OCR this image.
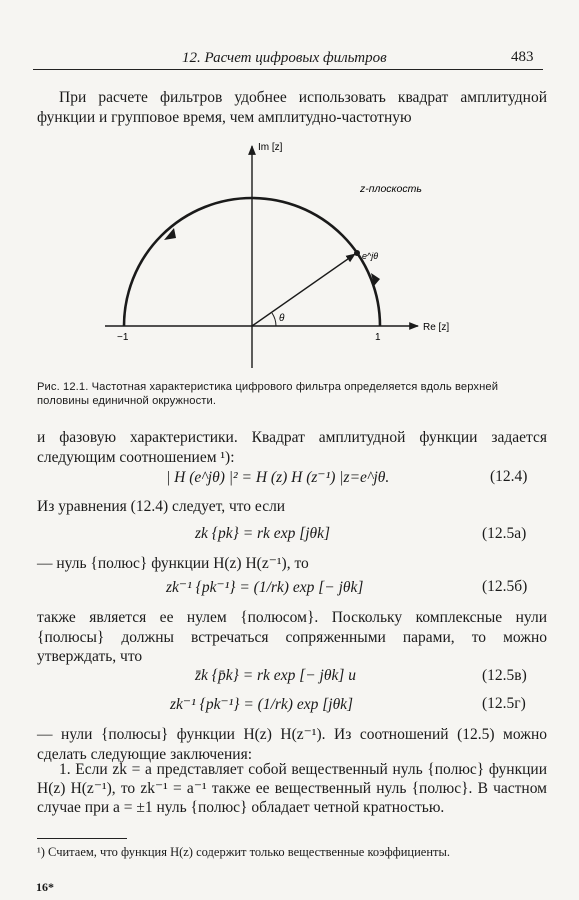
12. Расчет цифровых фильтров	483
При расчете фильтров удобнее использовать квадрат амплитудной функции и групповое время, чем амплитудно-частотную
Im [z]
Re [z]
z-плоскость
e^jθ
θ
−1	1
Рис. 12.1. Частотная характеристика цифрового фильтра определяется вдоль верхней половины единичной окружности.
и фазовую характеристики. Квадрат амплитудной функции задается следующим соотношением ¹):
| H (e^jθ) |² = H (z) H (z⁻¹) |z=e^jθ.	(12.4)
Из уравнения (12.4) следует, что если
zk {pk} = rk exp [jθk]	(12.5а)
— нуль {полюс} функции H(z) H(z⁻¹), то
zk⁻¹ {pk⁻¹} = (1/rk) exp [− jθk]	(12.5б)
также является ее нулем {полюсом}. Поскольку комплексные нули {полюсы} должны встречаться сопряженными парами, то можно утверждать, что
z̄k {p̄k} = rk exp [− jθk] и	(12.5в)
zk⁻¹ {pk⁻¹} = (1/rk) exp [jθk]	(12.5г)
— нули {полюсы} функции H(z) H(z⁻¹). Из соотношений (12.5) можно сделать следующие заключения:
1. Если zk = a представляет собой вещественный нуль {полюс} функции H(z) H(z⁻¹), то zk⁻¹ = a⁻¹ также ее вещественный нуль {полюс}. В частном случае при a = ±1 нуль {полюс} обладает четной кратностью.
¹) Считаем, что функция H(z) содержит только вещественные коэффициенты.
16*
